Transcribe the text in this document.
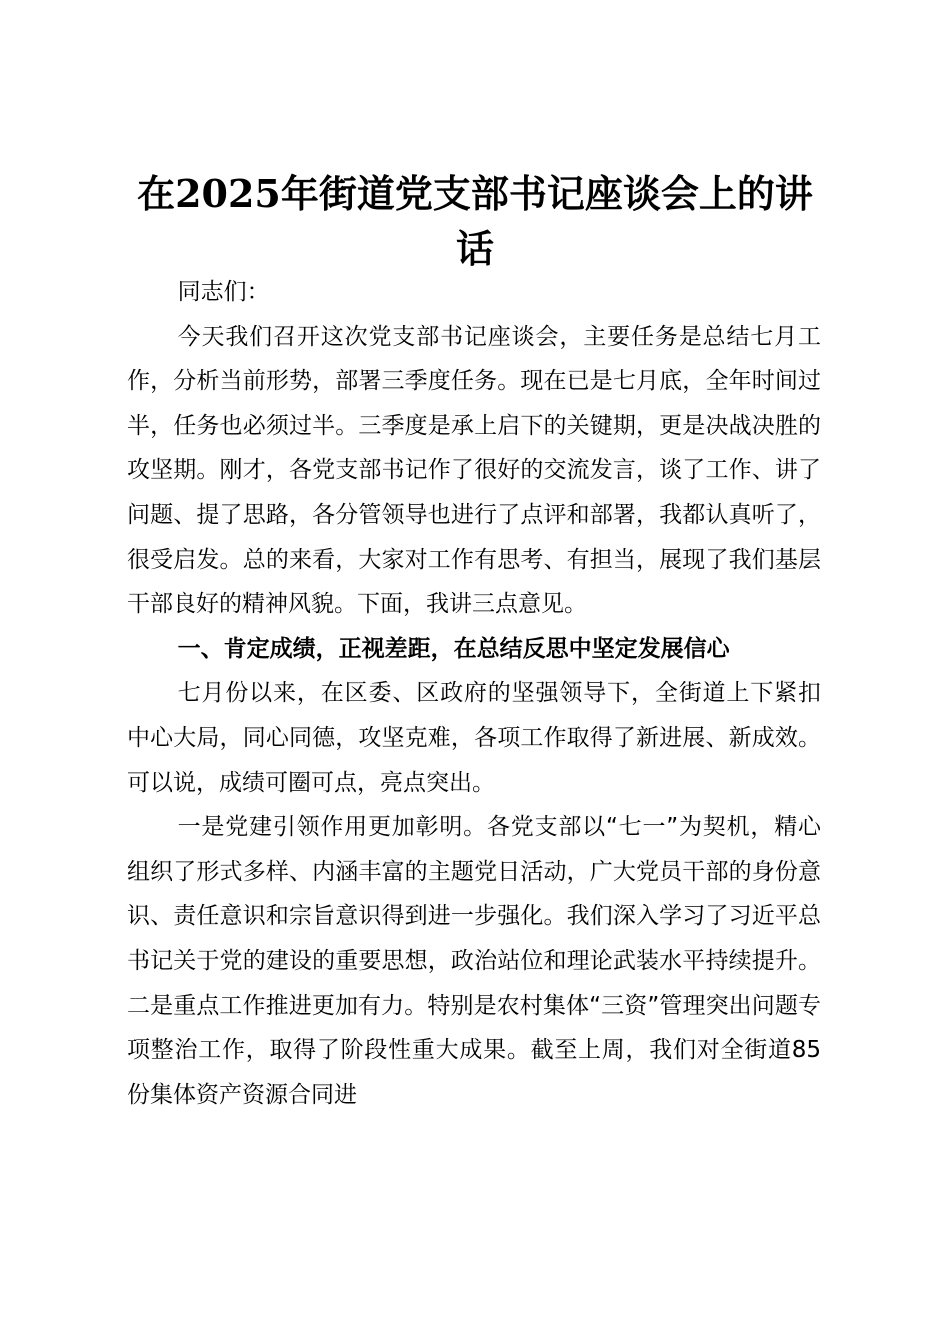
在2025年街道党支部书记座谈会上的讲话

同志们：

今天我们召开这次党支部书记座谈会，主要任务是总结七月工作，分析当前形势，部署三季度任务。现在已是七月底，全年时间过半，任务也必须过半。三季度是承上启下的关键期，更是决战决胜的攻坚期。刚才，各党支部书记作了很好的交流发言，谈了工作、讲了问题、提了思路，各分管领导也进行了点评和部署，我都认真听了，很受启发。总的来看，大家对工作有思考、有担当，展现了我们基层干部良好的精神风貌。下面，我讲三点意见。

一、肯定成绩，正视差距，在总结反思中坚定发展信心

七月份以来，在区委、区政府的坚强领导下，全街道上下紧扣中心大局，同心同德，攻坚克难，各项工作取得了新进展、新成效。可以说，成绩可圈可点，亮点突出。

一是党建引领作用更加彰明。各党支部以“七一”为契机，精心组织了形式多样、内涵丰富的主题党日活动，广大党员干部的身份意识、责任意识和宗旨意识得到进一步强化。我们深入学习了习近平总书记关于党的建设的重要思想，政治站位和理论武装水平持续提升。二是重点工作推进更加有力。特别是农村集体“三资”管理突出问题专项整治工作，取得了阶段性重大成果。截至上周，我们对全街道85份集体资产资源合同进
